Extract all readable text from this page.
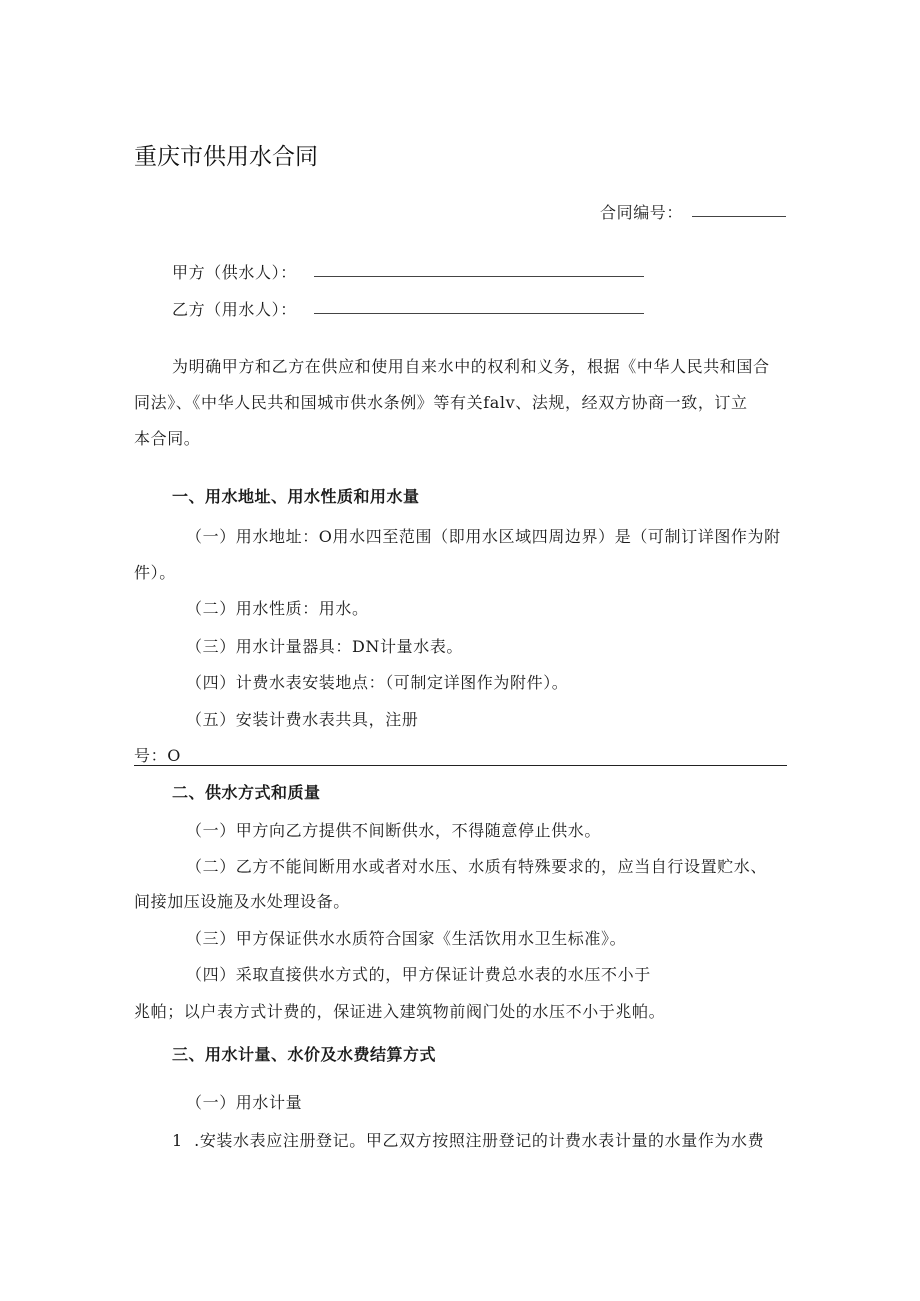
重庆市供用水合同
合同编号：
甲方（供水人）：
乙方（用水人）：
为明确甲方和乙方在供应和使用自来水中的权利和义务，根据《中华人民共和国合
同法》、《中华人民共和国城市供水条例》等有关falv、法规，经双方协商一致，订立
本合同。
一、用水地址、用水性质和用水量
（一）用水地址：O用水四至范围（即用水区域四周边界）是（可制订详图作为附
件）。
（二）用水性质：用水。
（三）用水计量器具：DN计量水表。
（四）计费水表安装地点：（可制定详图作为附件）。
（五）安装计费水表共具，注册
号：O
二、供水方式和质量
（一）甲方向乙方提供不间断供水，不得随意停止供水。
（二）乙方不能间断用水或者对水压、水质有特殊要求的，应当自行设置贮水、
间接加压设施及水处理设备。
（三）甲方保证供水水质符合国家《生活饮用水卫生标准》。
（四）采取直接供水方式的，甲方保证计费总水表的水压不小于
兆帕；以户表方式计费的，保证进入建筑物前阀门处的水压不小于兆帕。
三、用水计量、水价及水费结算方式
（一）用水计量
1  .安装水表应注册登记。甲乙双方按照注册登记的计费水表计量的水量作为水费
